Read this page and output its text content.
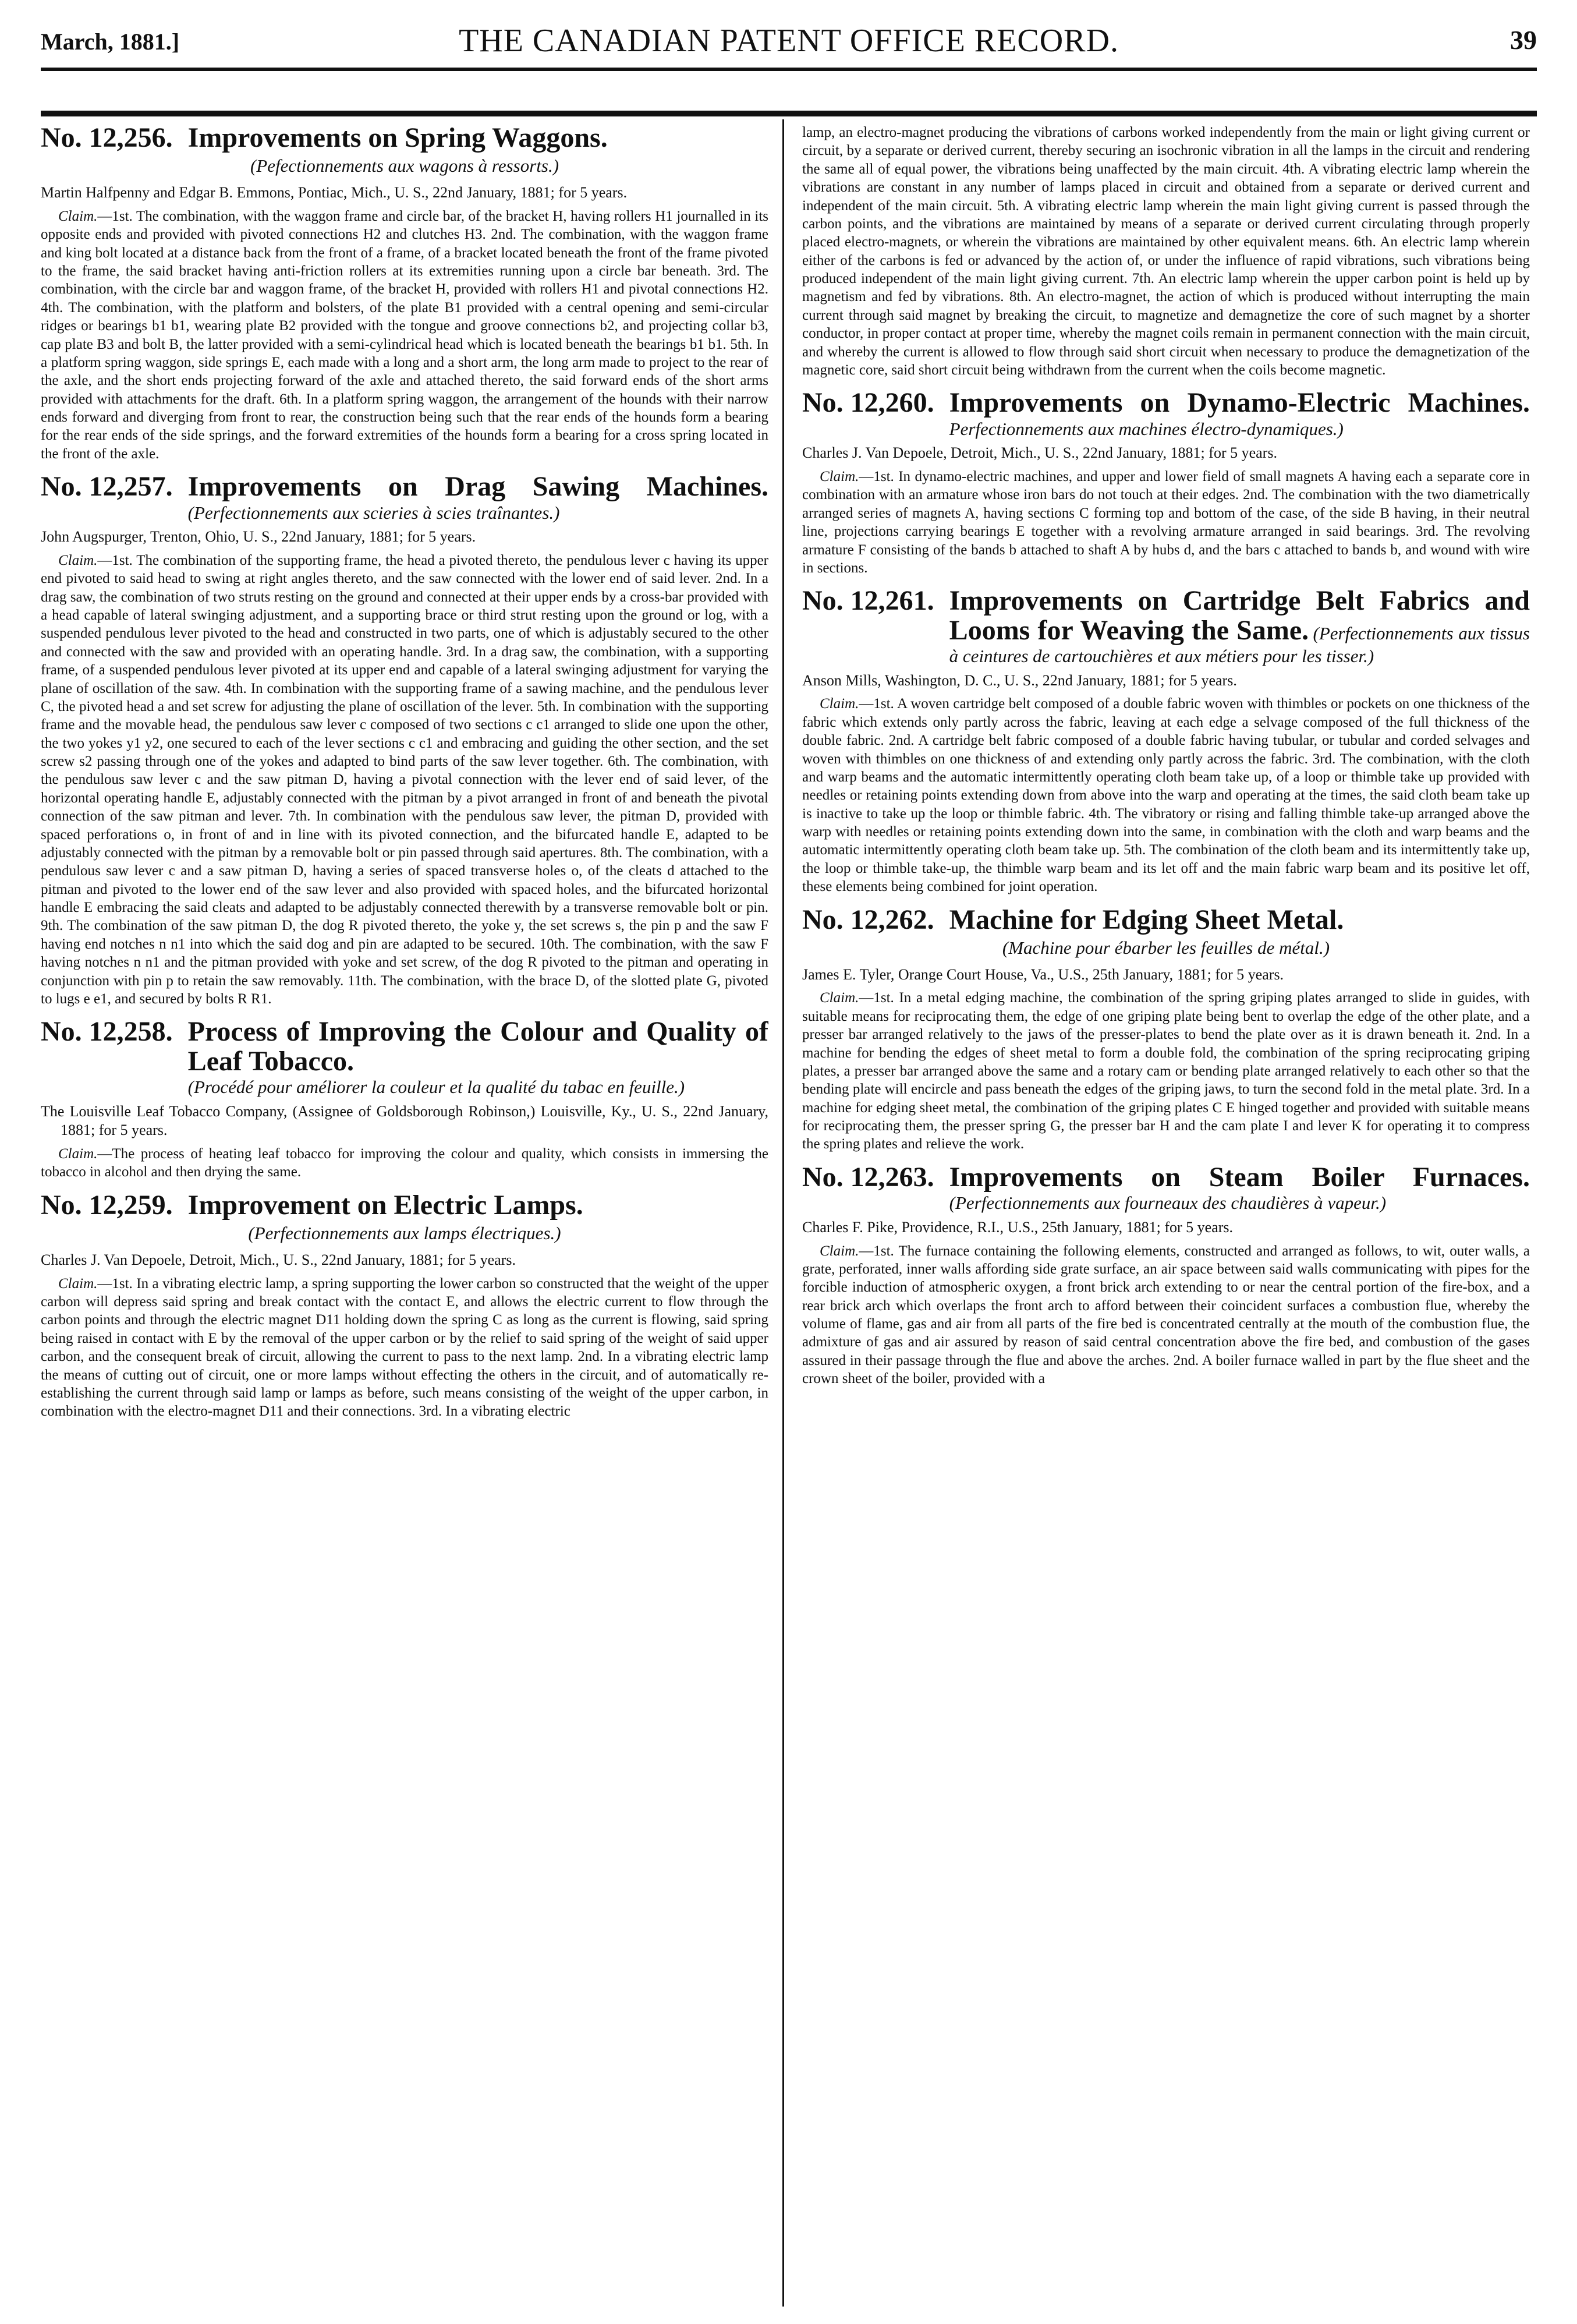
March, 1881.]	THE CANADIAN PATENT OFFICE RECORD.	39
No. 12,256. Improvements on Spring Waggons.
(Pefectionnements aux wagons à ressorts.)
Martin Halfpenny and Edgar B. Emmons, Pontiac, Mich., U. S., 22nd January, 1881; for 5 years.
Claim.—1st. The combination, with the waggon frame and circle bar, of the bracket H, having rollers H1 journalled in its opposite ends and provided with pivoted connections H2 and clutches H3. 2nd. The combination, with the waggon frame and king bolt located at a distance back from the front of a frame, of a bracket located beneath the front of the frame pivoted to the frame, the said bracket having anti-friction rollers at its extremities running upon a circle bar beneath. 3rd. The combination, with the circle bar and waggon frame, of the bracket H, provided with rollers H1 and pivotal connections H2. 4th. The combination, with the platform and bolsters, of the plate B1 provided with a central opening and semi-circular ridges or bearings b1 b1, wearing plate B2 provided with the tongue and groove connections b2, and projecting collar b3, cap plate B3 and bolt B, the latter provided with a semi-cylindrical head which is located beneath the bearings b1 b1. 5th. In a platform spring waggon, side springs E, each made with a long and a short arm, the long arm made to project to the rear of the axle, and the short ends projecting forward of the axle and attached thereto, the said forward ends of the short arms provided with attachments for the draft. 6th. In a platform spring waggon, the arrangement of the hounds with their narrow ends forward and diverging from front to rear, the construction being such that the rear ends of the hounds form a bearing for the rear ends of the side springs, and the forward extremities of the hounds form a bearing for a cross spring located in the front of the axle.
No. 12,257. Improvements on Drag Sawing Machines. (Perfectionnements aux scieries à scies traînantes.)
John Augspurger, Trenton, Ohio, U. S., 22nd January, 1881; for 5 years.
Claim.—1st. The combination of the supporting frame, the head a pivoted thereto, the pendulous lever c having its upper end pivoted to said head to swing at right angles thereto, and the saw connected with the lower end of said lever. 2nd. In a drag saw, the combination of two struts resting on the ground and connected at their upper ends by a cross-bar provided with a head capable of lateral swinging adjustment, and a supporting brace or third strut resting upon the ground or log, with a suspended pendulous lever pivoted to the head and constructed in two parts, one of which is adjustably secured to the other and connected with the saw and provided with an operating handle. 3rd. In a drag saw, the combination, with a supporting frame, of a suspended pendulous lever pivoted at its upper end and capable of a lateral swinging adjustment for varying the plane of oscillation of the saw. 4th. In combination with the supporting frame of a sawing machine, and the pendulous lever C, the pivoted head a and set screw for adjusting the plane of oscillation of the lever. 5th. In combination with the supporting frame and the movable head, the pendulous saw lever c composed of two sections c c1 arranged to slide one upon the other, the two yokes y1 y2, one secured to each of the lever sections c c1 and embracing and guiding the other section, and the set screw s2 passing through one of the yokes and adapted to bind parts of the saw lever together. 6th. The combination, with the pendulous saw lever c and the saw pitman D, having a pivotal connection with the lever end of said lever, of the horizontal operating handle E, adjustably connected with the pitman by a pivot arranged in front of and beneath the pivotal connection of the saw pitman and lever. 7th. In combination with the pendulous saw lever, the pitman D, provided with spaced perforations o, in front of and in line with its pivoted connection, and the bifurcated handle E, adapted to be adjustably connected with the pitman by a removable bolt or pin passed through said apertures. 8th. The combination, with a pendulous saw lever c and a saw pitman D, having a series of spaced transverse holes o, of the cleats d attached to the pitman and pivoted to the lower end of the saw lever and also provided with spaced holes, and the bifurcated horizontal handle E embracing the said cleats and adapted to be adjustably connected therewith by a transverse removable bolt or pin. 9th. The combination of the saw pitman D, the dog R pivoted thereto, the yoke y, the set screws s, the pin p and the saw F having end notches n n1 into which the said dog and pin are adapted to be secured. 10th. The combination, with the saw F having notches n n1 and the pitman provided with yoke and set screw, of the dog R pivoted to the pitman and operating in conjunction with pin p to retain the saw removably. 11th. The combination, with the brace D, of the slotted plate G, pivoted to lugs e e1, and secured by bolts R R1.
No. 12,258. Process of Improving the Colour and Quality of Leaf Tobacco.
(Procédé pour améliorer la couleur et la qualité du tabac en feuille.)
The Louisville Leaf Tobacco Company, (Assignee of Goldsborough Robinson,) Louisville, Ky., U. S., 22nd January, 1881; for 5 years.
Claim.—The process of heating leaf tobacco for improving the colour and quality, which consists in immersing the tobacco in alcohol and then drying the same.
No. 12,259. Improvement on Electric Lamps.
(Perfectionnements aux lamps électriques.)
Charles J. Van Depoele, Detroit, Mich., U. S., 22nd January, 1881; for 5 years.
Claim.—1st. In a vibrating electric lamp, a spring supporting the lower carbon so constructed that the weight of the upper carbon will depress said spring and break contact with the contact E, and allows the electric current to flow through the carbon points and through the electric magnet D11 holding down the spring C as long as the current is flowing, said spring being raised in contact with E by the removal of the upper carbon or by the relief to said spring of the weight of said upper carbon, and the consequent break of circuit, allowing the current to pass to the next lamp. 2nd. In a vibrating electric lamp the means of cutting out of circuit, one or more lamps without effecting the others in the circuit, and of automatically re-establishing the current through said lamp or lamps as before, such means consisting of the weight of the upper carbon, in combination with the electro-magnet D11 and their connections. 3rd. In a vibrating electric
lamp, an electro-magnet producing the vibrations of carbons worked independently from the main or light giving current or circuit, by a separate or derived current, thereby securing an isochronic vibration in all the lamps in the circuit and rendering the same all of equal power, the vibrations being unaffected by the main circuit. 4th. A vibrating electric lamp wherein the vibrations are constant in any number of lamps placed in circuit and obtained from a separate or derived current and independent of the main circuit. 5th. A vibrating electric lamp wherein the main light giving current is passed through the carbon points, and the vibrations are maintained by means of a separate or derived current circulating through properly placed electro-magnets, or wherein the vibrations are maintained by other equivalent means. 6th. An electric lamp wherein either of the carbons is fed or advanced by the action of, or under the influence of rapid vibrations, such vibrations being produced independent of the main light giving current. 7th. An electric lamp wherein the upper carbon point is held up by magnetism and fed by vibrations. 8th. An electro-magnet, the action of which is produced without interrupting the main current through said magnet by breaking the circuit, to magnetize and demagnetize the core of such magnet by a shorter conductor, in proper contact at proper time, whereby the magnet coils remain in permanent connection with the main circuit, and whereby the current is allowed to flow through said short circuit when necessary to produce the demagnetization of the magnetic core, said short circuit being withdrawn from the current when the coils become magnetic.
No. 12,260. Improvements on Dynamo-Electric Machines. Perfectionnements aux machines électro-dynamiques.)
Charles J. Van Depoele, Detroit, Mich., U. S., 22nd January, 1881; for 5 years.
Claim.—1st. In dynamo-electric machines, and upper and lower field of small magnets A having each a separate core in combination with an armature whose iron bars do not touch at their edges. 2nd. The combination with the two diametrically arranged series of magnets A, having sections C forming top and bottom of the case, of the side B having, in their neutral line, projections carrying bearings E together with a revolving armature arranged in said bearings. 3rd. The revolving armature F consisting of the bands b attached to shaft A by hubs d, and the bars c attached to bands b, and wound with wire in sections.
No. 12,261. Improvements on Cartridge Belt Fabrics and Looms for Weaving the Same. (Perfectionnements aux tissus à ceintures de cartouchières et aux métiers pour les tisser.)
Anson Mills, Washington, D. C., U. S., 22nd January, 1881; for 5 years.
Claim.—1st. A woven cartridge belt composed of a double fabric woven with thimbles or pockets on one thickness of the fabric which extends only partly across the fabric, leaving at each edge a selvage composed of the full thickness of the double fabric. 2nd. A cartridge belt fabric composed of a double fabric having tubular, or tubular and corded selvages and woven with thimbles on one thickness of and extending only partly across the fabric. 3rd. The combination, with the cloth and warp beams and the automatic intermittently operating cloth beam take up, of a loop or thimble take up provided with needles or retaining points extending down from above into the warp and operating at the times, the said cloth beam take up is inactive to take up the loop or thimble fabric. 4th. The vibratory or rising and falling thimble take-up arranged above the warp with needles or retaining points extending down into the same, in combination with the cloth and warp beams and the automatic intermittently operating cloth beam take up. 5th. The combination of the cloth beam and its intermittently take up, the loop or thimble take-up, the thimble warp beam and its let off and the main fabric warp beam and its positive let off, these elements being combined for joint operation.
No. 12,262. Machine for Edging Sheet Metal.
(Machine pour ébarber les feuilles de métal.)
James E. Tyler, Orange Court House, Va., U.S., 25th January, 1881; for 5 years.
Claim.—1st. In a metal edging machine, the combination of the spring griping plates arranged to slide in guides, with suitable means for reciprocating them, the edge of one griping plate being bent to overlap the edge of the other plate, and a presser bar arranged relatively to the jaws of the presser-plates to bend the plate over as it is drawn beneath it. 2nd. In a machine for bending the edges of sheet metal to form a double fold, the combination of the spring reciprocating griping plates, a presser bar arranged above the same and a rotary cam or bending plate arranged relatively to each other so that the bending plate will encircle and pass beneath the edges of the griping jaws, to turn the second fold in the metal plate. 3rd. In a machine for edging sheet metal, the combination of the griping plates C E hinged together and provided with suitable means for reciprocating them, the presser spring G, the presser bar H and the cam plate I and lever K for operating it to compress the spring plates and relieve the work.
No. 12,263. Improvements on Steam Boiler Furnaces. (Perfectionnements aux fourneaux des chaudières à vapeur.)
Charles F. Pike, Providence, R.I., U.S., 25th January, 1881; for 5 years.
Claim.—1st. The furnace containing the following elements, constructed and arranged as follows, to wit, outer walls, a grate, perforated, inner walls affording side grate surface, an air space between said walls communicating with pipes for the forcible induction of atmospheric oxygen, a front brick arch extending to or near the central portion of the fire-box, and a rear brick arch which overlaps the front arch to afford between their coincident surfaces a combustion flue, whereby the volume of flame, gas and air from all parts of the fire bed is concentrated centrally at the mouth of the combustion flue, the admixture of gas and air assured by reason of said central concentration above the fire bed, and combustion of the gases assured in their passage through the flue and above the arches. 2nd. A boiler furnace walled in part by the flue sheet and the crown sheet of the boiler, provided with a
